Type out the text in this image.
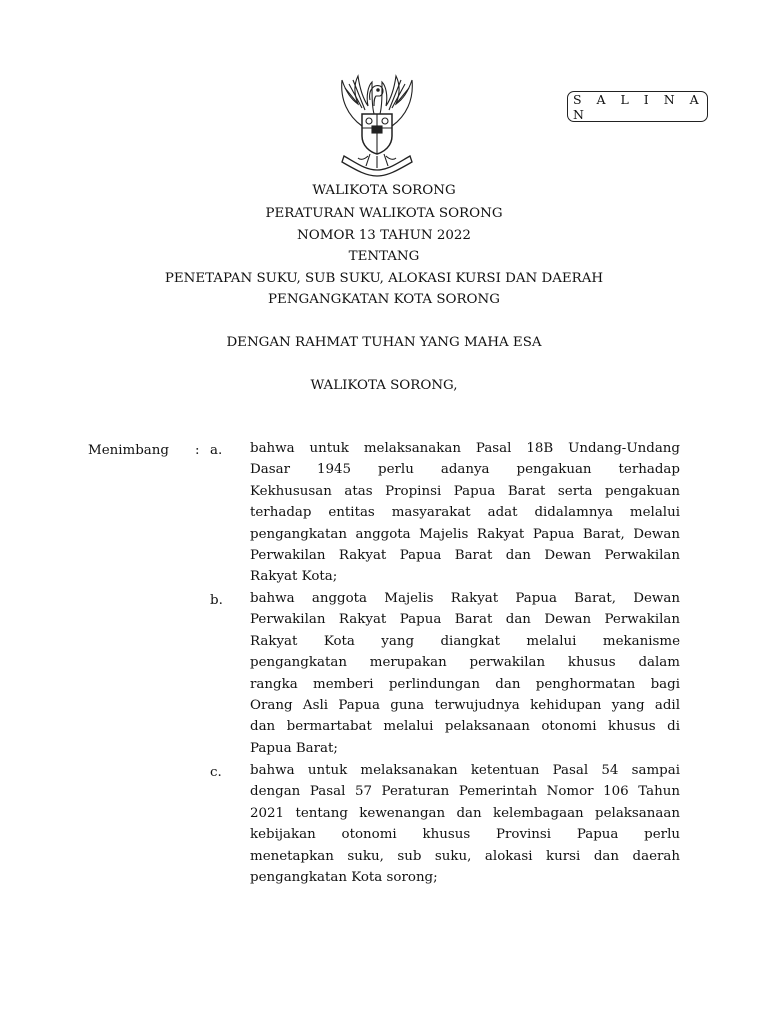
S A L I N A N
WALIKOTA SORONG
PERATURAN WALIKOTA SORONG
NOMOR 13 TAHUN 2022
TENTANG
PENETAPAN SUKU, SUB SUKU, ALOKASI KURSI DAN DAERAH
PENGANGKATAN KOTA SORONG
DENGAN RAHMAT TUHAN YANG MAHA ESA
WALIKOTA SORONG,
Menimbang : a. bahwa untuk melaksanakan Pasal 18B Undang-Undang
Dasar 1945 perlu adanya pengakuan terhadap
Kekhususan atas Propinsi Papua Barat serta pengakuan
terhadap entitas masyarakat adat didalamnya melalui
pengangkatan anggota Majelis Rakyat Papua Barat, Dewan
Perwakilan Rakyat Papua Barat dan Dewan Perwakilan
Rakyat Kota;
b. bahwa anggota Majelis Rakyat Papua Barat, Dewan
Perwakilan Rakyat Papua Barat dan Dewan Perwakilan
Rakyat Kota yang diangkat melalui mekanisme
pengangkatan merupakan perwakilan khusus dalam
rangka memberi perlindungan dan penghormatan bagi
Orang Asli Papua guna terwujudnya kehidupan yang adil
dan bermartabat melalui pelaksanaan otonomi khusus di
Papua Barat;
c. bahwa untuk melaksanakan ketentuan Pasal 54 sampai
dengan Pasal 57 Peraturan Pemerintah Nomor 106 Tahun
2021 tentang kewenangan dan kelembagaan pelaksanaan
kebijakan otonomi khusus Provinsi Papua perlu
menetapkan suku, sub suku, alokasi kursi dan daerah
pengangkatan Kota sorong;
